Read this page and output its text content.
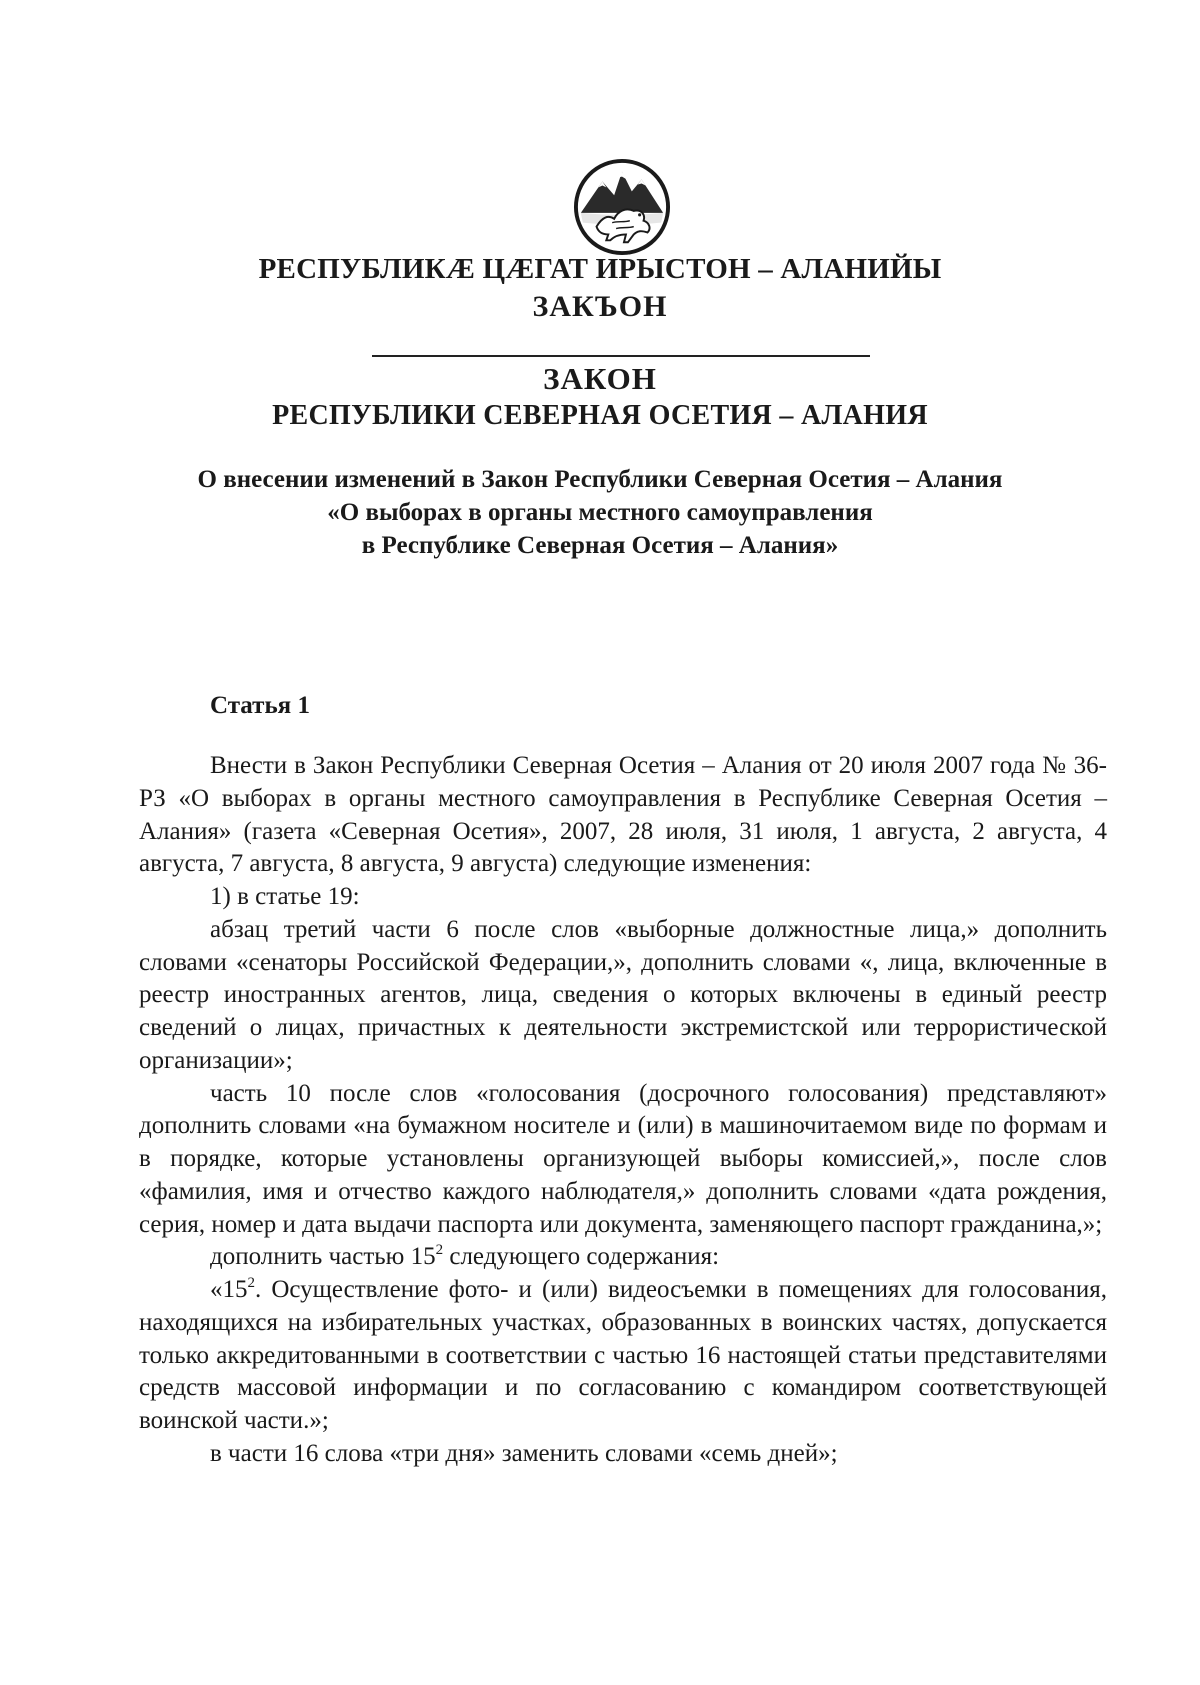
РЕСПУБЛИКӔ ЦӔГАТ ИРЫСТОН – АЛАНИЙЫ
ЗАКЪОН
ЗАКОН
РЕСПУБЛИКИ СЕВЕРНАЯ ОСЕТИЯ – АЛАНИЯ
О внесении изменений в Закон Республики Северная Осетия – Алания
«О выборах в органы местного самоуправления
в Республике Северная Осетия – Алания»
Статья 1

Внести в Закон Республики Северная Осетия – Алания от 20 июля 2007 года № 36-РЗ «О выборах в органы местного самоуправления в Республике Северная Осетия – Алания» (газета «Северная Осетия», 2007, 28 июля, 31 июля, 1 августа, 2 августа, 4 августа, 7 августа, 8 августа, 9 августа) следующие изменения:

1) в статье 19:

абзац третий части 6 после слов «выборные должностные лица,» дополнить словами «сенаторы Российской Федерации,», дополнить словами «, лица, включенные в реестр иностранных агентов, лица, сведения о которых включены в единый реестр сведений о лицах, причастных к деятельности экстремистской или террористической организации»;

часть 10 после слов «голосования (досрочного голосования) представляют» дополнить словами «на бумажном носителе и (или) в машиночитаемом виде по формам и в порядке, которые установлены организующей выборы комиссией,», после слов «фамилия, имя и отчество каждого наблюдателя,» дополнить словами «дата рождения, серия, номер и дата выдачи паспорта или документа, заменяющего паспорт гражданина,»;

дополнить частью $15^2$ следующего содержания:

«$15^2$. Осуществление фото- и (или) видеосъемки в помещениях для голосования, находящихся на избирательных участках, образованных в воинских частях, допускается только аккредитованными в соответствии с частью 16 настоящей статьи представителями средств массовой информации и по согласованию с командиром соответствующей воинской части.»;

в части 16 слова «три дня» заменить словами «семь дней»;
